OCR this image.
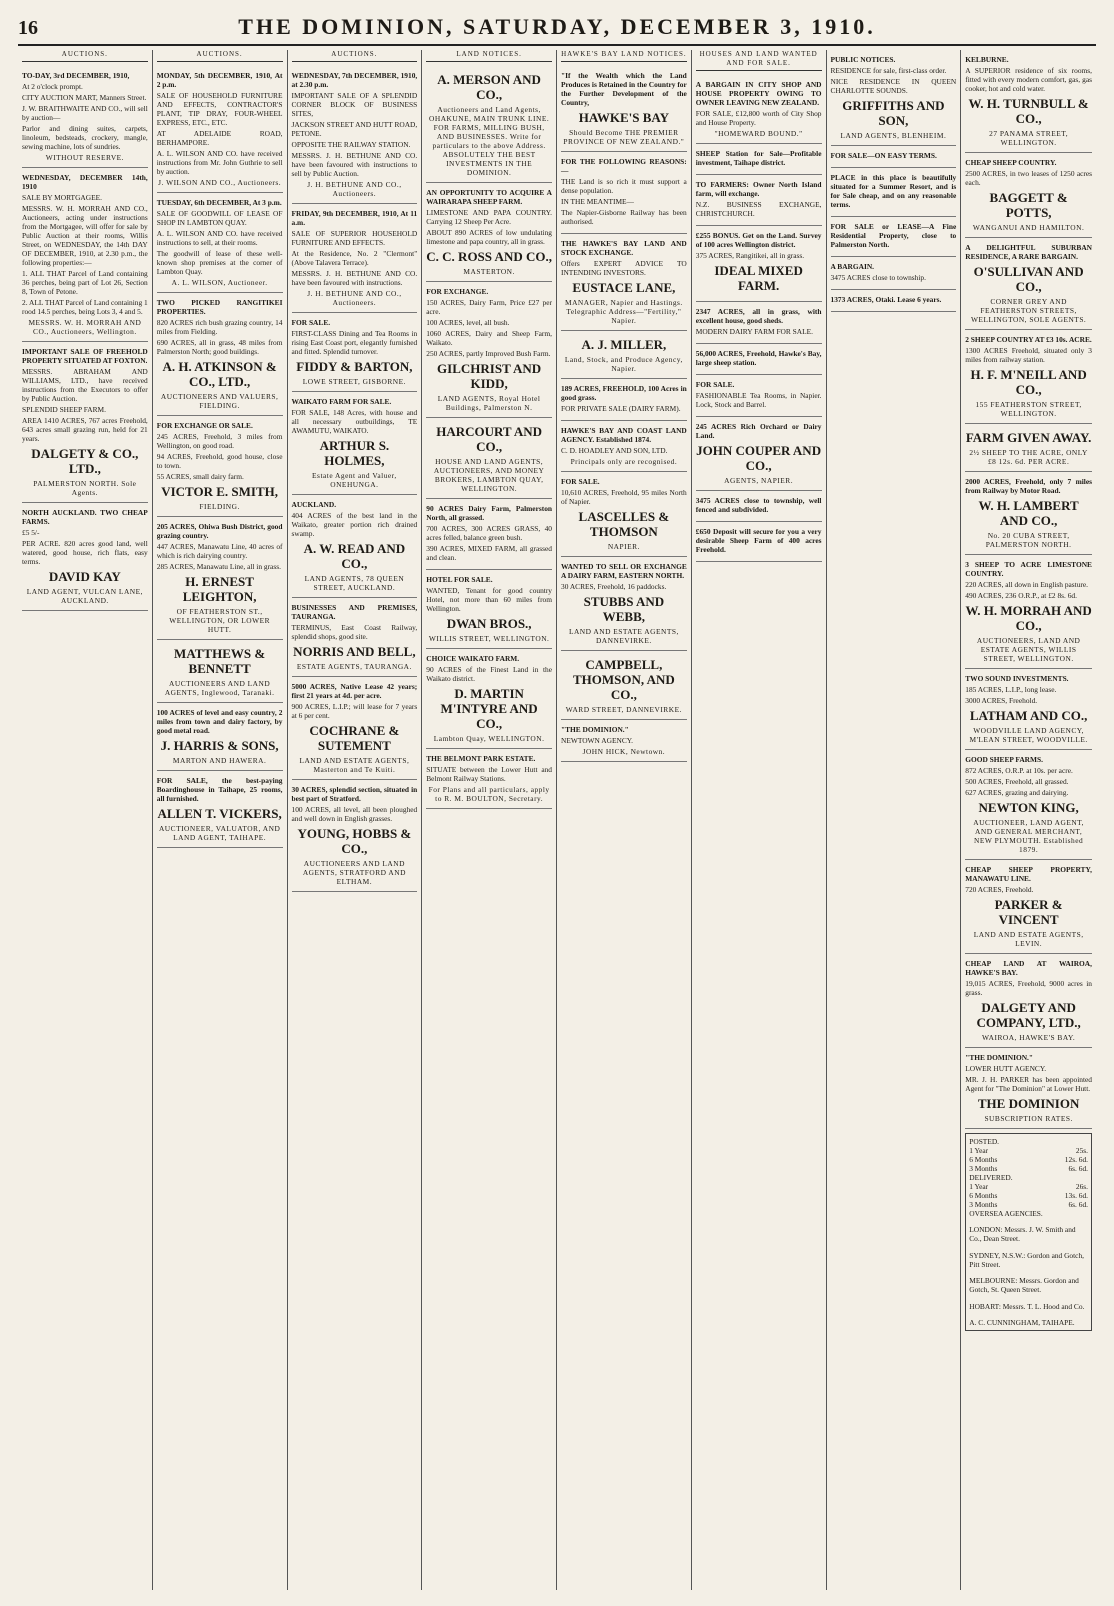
16	THE DOMINION, SATURDAY, DECEMBER 3, 1910.
AUCTIONS.

TO-DAY, 3rd DECEMBER, 1910,

At 2 o'clock prompt.

CITY AUCTION MART, Manners Street.

J. W. BRAITHWAITE AND CO., will sell by auction—

Parlor and dining suites, carpets, linoleum, bedsteads, crockery, mangle, sewing machine, lots of sundries.

WITHOUT RESERVE.

WEDNESDAY, DECEMBER 14th, 1910

SALE BY MORTGAGEE.

MESSRS. W. H. MORRAH AND CO., Auctioneers, acting under instructions from the Mortgagee, will offer for sale by Public Auction at their rooms, Willis Street, on WEDNESDAY, the 14th DAY OF DECEMBER, 1910, at 2.30 p.m., the following properties:—

1. ALL THAT Parcel of Land containing 36 perches, being part of Lot 26, Section 8, Town of Petone.

2. ALL THAT Parcel of Land containing 1 rood 14.5 perches, being Lots 3, 4 and 5.

MESSRS. W. H. MORRAH AND CO., Auctioneers, Wellington.

IMPORTANT SALE OF FREEHOLD PROPERTY SITUATED AT FOXTON.

MESSRS. ABRAHAM AND WILLIAMS, LTD., have received instructions from the Executors to offer by Public Auction.

SPLENDID SHEEP FARM.

AREA 1410 ACRES, 767 acres Freehold, 643 acres small grazing run, held for 21 years.

DALGETY & CO., LTD.,
PALMERSTON NORTH. Sole Agents.

NORTH AUCKLAND. TWO CHEAP FARMS.

£5 5/-

PER ACRE. 820 acres good land, well watered, good house, rich flats, easy terms.

DAVID KAY
LAND AGENT, VULCAN LANE, AUCKLAND.
AUCTIONS.

MONDAY, 5th DECEMBER, 1910, At 2 p.m.

SALE OF HOUSEHOLD FURNITURE AND EFFECTS, CONTRACTOR'S PLANT, TIP DRAY, FOUR-WHEEL EXPRESS, ETC., ETC.

AT ADELAIDE ROAD, BERHAMPORE.

A. L. WILSON AND CO. have received instructions from Mr. John Guthrie to sell by auction.

J. WILSON AND CO., Auctioneers.

TUESDAY, 6th DECEMBER, At 3 p.m.

SALE OF GOODWILL OF LEASE OF SHOP IN LAMBTON QUAY.

A. L. WILSON AND CO. have received instructions to sell, at their rooms.

The goodwill of lease of these well-known shop premises at the corner of Lambton Quay.

A. L. WILSON, Auctioneer.

TWO PICKED RANGITIKEI PROPERTIES.

820 ACRES rich bush grazing country, 14 miles from Fielding.

690 ACRES, all in grass, 48 miles from Palmerston North; good buildings.

A. H. ATKINSON & CO., LTD.,
AUCTIONEERS AND VALUERS, FIELDING.

FOR EXCHANGE OR SALE.

245 ACRES, Freehold, 3 miles from Wellington, on good road.

94 ACRES, Freehold, good house, close to town.

55 ACRES, small dairy farm.

VICTOR E. SMITH,
FIELDING.

205 ACRES, Ohiwa Bush District, good grazing country.

447 ACRES, Manawatu Line, 40 acres of which is rich dairying country.

285 ACRES, Manawatu Line, all in grass.

H. ERNEST LEIGHTON,
OF FEATHERSTON ST., WELLINGTON, OR LOWER HUTT.
MATTHEWS & BENNETT
AUCTIONEERS AND LAND AGENTS, Inglewood, Taranaki.

100 ACRES of level and easy country, 2 miles from town and dairy factory, by good metal road.

J. HARRIS & SONS,
MARTON AND HAWERA.

FOR SALE, the best-paying Boardinghouse in Taihape, 25 rooms, all furnished.

ALLEN T. VICKERS,
AUCTIONEER, VALUATOR, AND LAND AGENT, TAIHAPE.
AUCTIONS.

WEDNESDAY, 7th DECEMBER, 1910, at 2.30 p.m.

IMPORTANT SALE OF A SPLENDID CORNER BLOCK OF BUSINESS SITES,

JACKSON STREET AND HUTT ROAD, PETONE.

OPPOSITE THE RAILWAY STATION.

MESSRS. J. H. BETHUNE AND CO. have been favoured with instructions to sell by Public Auction.

J. H. BETHUNE AND CO., Auctioneers.

FRIDAY, 9th DECEMBER, 1910, At 11 a.m.

SALE OF SUPERIOR HOUSEHOLD FURNITURE AND EFFECTS.

At the Residence, No. 2 "Clermont" (Above Talavera Terrace).

MESSRS. J. H. BETHUNE AND CO. have been favoured with instructions.

J. H. BETHUNE AND CO., Auctioneers.

FOR SALE.

FIRST-CLASS Dining and Tea Rooms in rising East Coast port, elegantly furnished and fitted. Splendid turnover.

FIDDY & BARTON,
LOWE STREET, GISBORNE.

WAIKATO FARM FOR SALE.

FOR SALE, 148 Acres, with house and all necessary outbuildings, TE AWAMUTU, WAIKATO.

ARTHUR S. HOLMES,
Estate Agent and Valuer, ONEHUNGA.

AUCKLAND.

404 ACRES of the best land in the Waikato, greater portion rich drained swamp.

A. W. READ AND CO.,
LAND AGENTS, 78 QUEEN STREET, AUCKLAND.

BUSINESSES AND PREMISES, TAURANGA.

TERMINUS, East Coast Railway, splendid shops, good site.

NORRIS AND BELL,
ESTATE AGENTS, TAURANGA.

5000 ACRES, Native Lease 42 years; first 21 years at 4d. per acre.

900 ACRES, L.I.P.; will lease for 7 years at 6 per cent.

COCHRANE & SUTEMENT
LAND AND ESTATE AGENTS, Masterton and Te Kuiti.

30 ACRES, splendid section, situated in best part of Stratford.

100 ACRES, all level, all been ploughed and well down in English grasses.

YOUNG, HOBBS & CO.,
AUCTIONEERS AND LAND AGENTS, STRATFORD AND ELTHAM.
LAND NOTICES.
A. MERSON AND CO.,
Auctioneers and Land Agents, OHAKUNE, MAIN TRUNK LINE. FOR FARMS, MILLING BUSH, AND BUSINESSES. Write for particulars to the above Address. ABSOLUTELY THE BEST INVESTMENTS IN THE DOMINION.

AN OPPORTUNITY TO ACQUIRE A WAIRARAPA SHEEP FARM.

LIMESTONE AND PAPA COUNTRY. Carrying 12 Sheep Per Acre.

ABOUT 890 ACRES of low undulating limestone and papa country, all in grass.

C. C. ROSS AND CO.,
MASTERTON.

FOR EXCHANGE.

150 ACRES, Dairy Farm, Price £27 per acre.

100 ACRES, level, all bush.

1060 ACRES, Dairy and Sheep Farm, Waikato.

250 ACRES, partly Improved Bush Farm.

GILCHRIST AND KIDD,
LAND AGENTS, Royal Hotel Buildings, Palmerston N.
HARCOURT AND CO.,
HOUSE AND LAND AGENTS, AUCTIONEERS, AND MONEY BROKERS, LAMBTON QUAY, WELLINGTON.

90 ACRES Dairy Farm, Palmerston North, all grassed.

700 ACRES, 300 ACRES GRASS, 40 acres felled, balance green bush.

390 ACRES, MIXED FARM, all grassed and clean.

HOTEL FOR SALE.

WANTED, Tenant for good country Hotel, not more than 60 miles from Wellington.

DWAN BROS.,
WILLIS STREET, WELLINGTON.

CHOICE WAIKATO FARM.

90 ACRES of the Finest Land in the Waikato district.

D. MARTIN M'INTYRE AND CO.,
Lambton Quay, WELLINGTON.

THE BELMONT PARK ESTATE.

SITUATE between the Lower Hutt and Belmont Railway Stations.

For Plans and all particulars, apply to R. M. BOULTON, Secretary.
HAWKE'S BAY LAND NOTICES.

"If the Wealth which the Land Produces is Retained in the Country for the Further Development of the Country,

HAWKE'S BAY
Should Become THE PREMIER PROVINCE OF NEW ZEALAND."

FOR THE FOLLOWING REASONS:—

THE Land is so rich it must support a dense population.

IN THE MEANTIME—

The Napier-Gisborne Railway has been authorised.

THE HAWKE'S BAY LAND AND STOCK EXCHANGE.

Offers EXPERT ADVICE TO INTENDING INVESTORS.

EUSTACE LANE,
MANAGER, Napier and Hastings. Telegraphic Address—"Fertility," Napier.
A. J. MILLER,
Land, Stock, and Produce Agency, Napier.

189 ACRES, FREEHOLD, 100 Acres in good grass.

FOR PRIVATE SALE (DAIRY FARM).

HAWKE'S BAY AND COAST LAND AGENCY. Established 1874.

C. D. HOADLEY AND SON, LTD.

Principals only are recognised.

FOR SALE.

10,610 ACRES, Freehold, 95 miles North of Napier.

LASCELLES & THOMSON
NAPIER.

WANTED TO SELL OR EXCHANGE A DAIRY FARM, EASTERN NORTH.

30 ACRES, Freehold, 16 paddocks.

STUBBS AND WEBB,
LAND AND ESTATE AGENTS, DANNEVIRKE.
CAMPBELL, THOMSON, AND CO.,
WARD STREET, DANNEVIRKE.

"THE DOMINION."

NEWTOWN AGENCY.

JOHN HICK, Newtown.
HOUSES AND LAND WANTED AND FOR SALE.

A BARGAIN IN CITY SHOP AND HOUSE PROPERTY OWING TO OWNER LEAVING NEW ZEALAND.

FOR SALE, £12,800 worth of City Shop and House Property.

"HOMEWARD BOUND."

SHEEP Station for Sale—Profitable investment, Taihape district.

TO FARMERS: Owner North Island farm, will exchange.

N.Z. BUSINESS EXCHANGE, CHRISTCHURCH.

£255 BONUS. Get on the Land. Survey of 100 acres Wellington district.

375 ACRES, Rangitikei, all in grass.

IDEAL MIXED FARM.

2347 ACRES, all in grass, with excellent house, good sheds.

MODERN DAIRY FARM FOR SALE.

56,000 ACRES, Freehold, Hawke's Bay, large sheep station.

FOR SALE.

FASHIONABLE Tea Rooms, in Napier. Lock, Stock and Barrel.

245 ACRES Rich Orchard or Dairy Land.

JOHN COUPER AND CO.,
AGENTS, NAPIER.

3475 ACRES close to township, well fenced and subdivided.

£650 Deposit will secure for you a very desirable Sheep Farm of 400 acres Freehold.

PUBLIC NOTICES.

RESIDENCE for sale, first-class order.

NICE RESIDENCE IN QUEEN CHARLOTTE SOUNDS.

GRIFFITHS AND SON,
LAND AGENTS, BLENHEIM.

FOR SALE—ON EASY TERMS.

PLACE in this place is beautifully situated for a Summer Resort, and is for Sale cheap, and on any reasonable terms.

FOR SALE or LEASE—A Fine Residential Property, close to Palmerston North.

A BARGAIN.

3475 ACRES close to township.

1373 ACRES, Otaki. Lease 6 years.

KELBURNE.

A SUPERIOR residence of six rooms, fitted with every modern comfort, gas, gas cooker, hot and cold water.

W. H. TURNBULL & CO.,
27 PANAMA STREET, WELLINGTON.

CHEAP SHEEP COUNTRY.

2500 ACRES, in two leases of 1250 acres each.

BAGGETT & POTTS,
WANGANUI AND HAMILTON.

A DELIGHTFUL SUBURBAN RESIDENCE, A RARE BARGAIN.

O'SULLIVAN AND CO.,
CORNER GREY AND FEATHERSTON STREETS, WELLINGTON, SOLE AGENTS.

2 SHEEP COUNTRY AT £3 10s. ACRE.

1300 ACRES Freehold, situated only 3 miles from railway station.

H. F. M'NEILL AND CO.,
155 FEATHERSTON STREET, WELLINGTON.
FARM GIVEN AWAY.
2½ SHEEP TO THE ACRE, ONLY £8 12s. 6d. PER ACRE.

2000 ACRES, Freehold, only 7 miles from Railway by Motor Road.

W. H. LAMBERT AND CO.,
No. 20 CUBA STREET, PALMERSTON NORTH.

3 SHEEP TO ACRE LIMESTONE COUNTRY.

220 ACRES, all down in English pasture.

490 ACRES, 236 O.R.P., at £2 8s. 6d.

W. H. MORRAH AND CO.,
AUCTIONEERS, LAND AND ESTATE AGENTS, WILLIS STREET, WELLINGTON.

TWO SOUND INVESTMENTS.

185 ACRES, L.I.P., long lease.

3000 ACRES, Freehold.

LATHAM AND CO.,
WOODVILLE LAND AGENCY, M'LEAN STREET, WOODVILLE.

GOOD SHEEP FARMS.

872 ACRES, O.R.P. at 10s. per acre.

500 ACRES, Freehold, all grassed.

627 ACRES, grazing and dairying.

NEWTON KING,
AUCTIONEER, LAND AGENT, AND GENERAL MERCHANT, NEW PLYMOUTH. Established 1879.

CHEAP SHEEP PROPERTY, MANAWATU LINE.

720 ACRES, Freehold.

PARKER & VINCENT
LAND AND ESTATE AGENTS, LEVIN.

CHEAP LAND AT WAIROA, HAWKE'S BAY.

19,015 ACRES, Freehold, 9000 acres in grass.

DALGETY AND COMPANY, LTD.,
WAIROA, HAWKE'S BAY.

"THE DOMINION."

LOWER HUTT AGENCY.

MR. J. H. PARKER has been appointed Agent for "The Dominion" at Lower Hutt.

THE DOMINION
SUBSCRIPTION RATES.
POSTED.
1 Year	25s.
6 Months	12s. 6d.
3 Months	6s. 6d.
DELIVERED.
1 Year	26s.
6 Months	13s. 6d.
3 Months	6s. 6d.
OVERSEA AGENCIES.

LONDON: Messrs. J. W. Smith and Co., Dean Street.

SYDNEY, N.S.W.: Gordon and Gotch, Pitt Street.

MELBOURNE: Messrs. Gordon and Gotch, St. Queen Street.

HOBART: Messrs. T. L. Hood and Co.

A. C. CUNNINGHAM, TAIHAPE.
